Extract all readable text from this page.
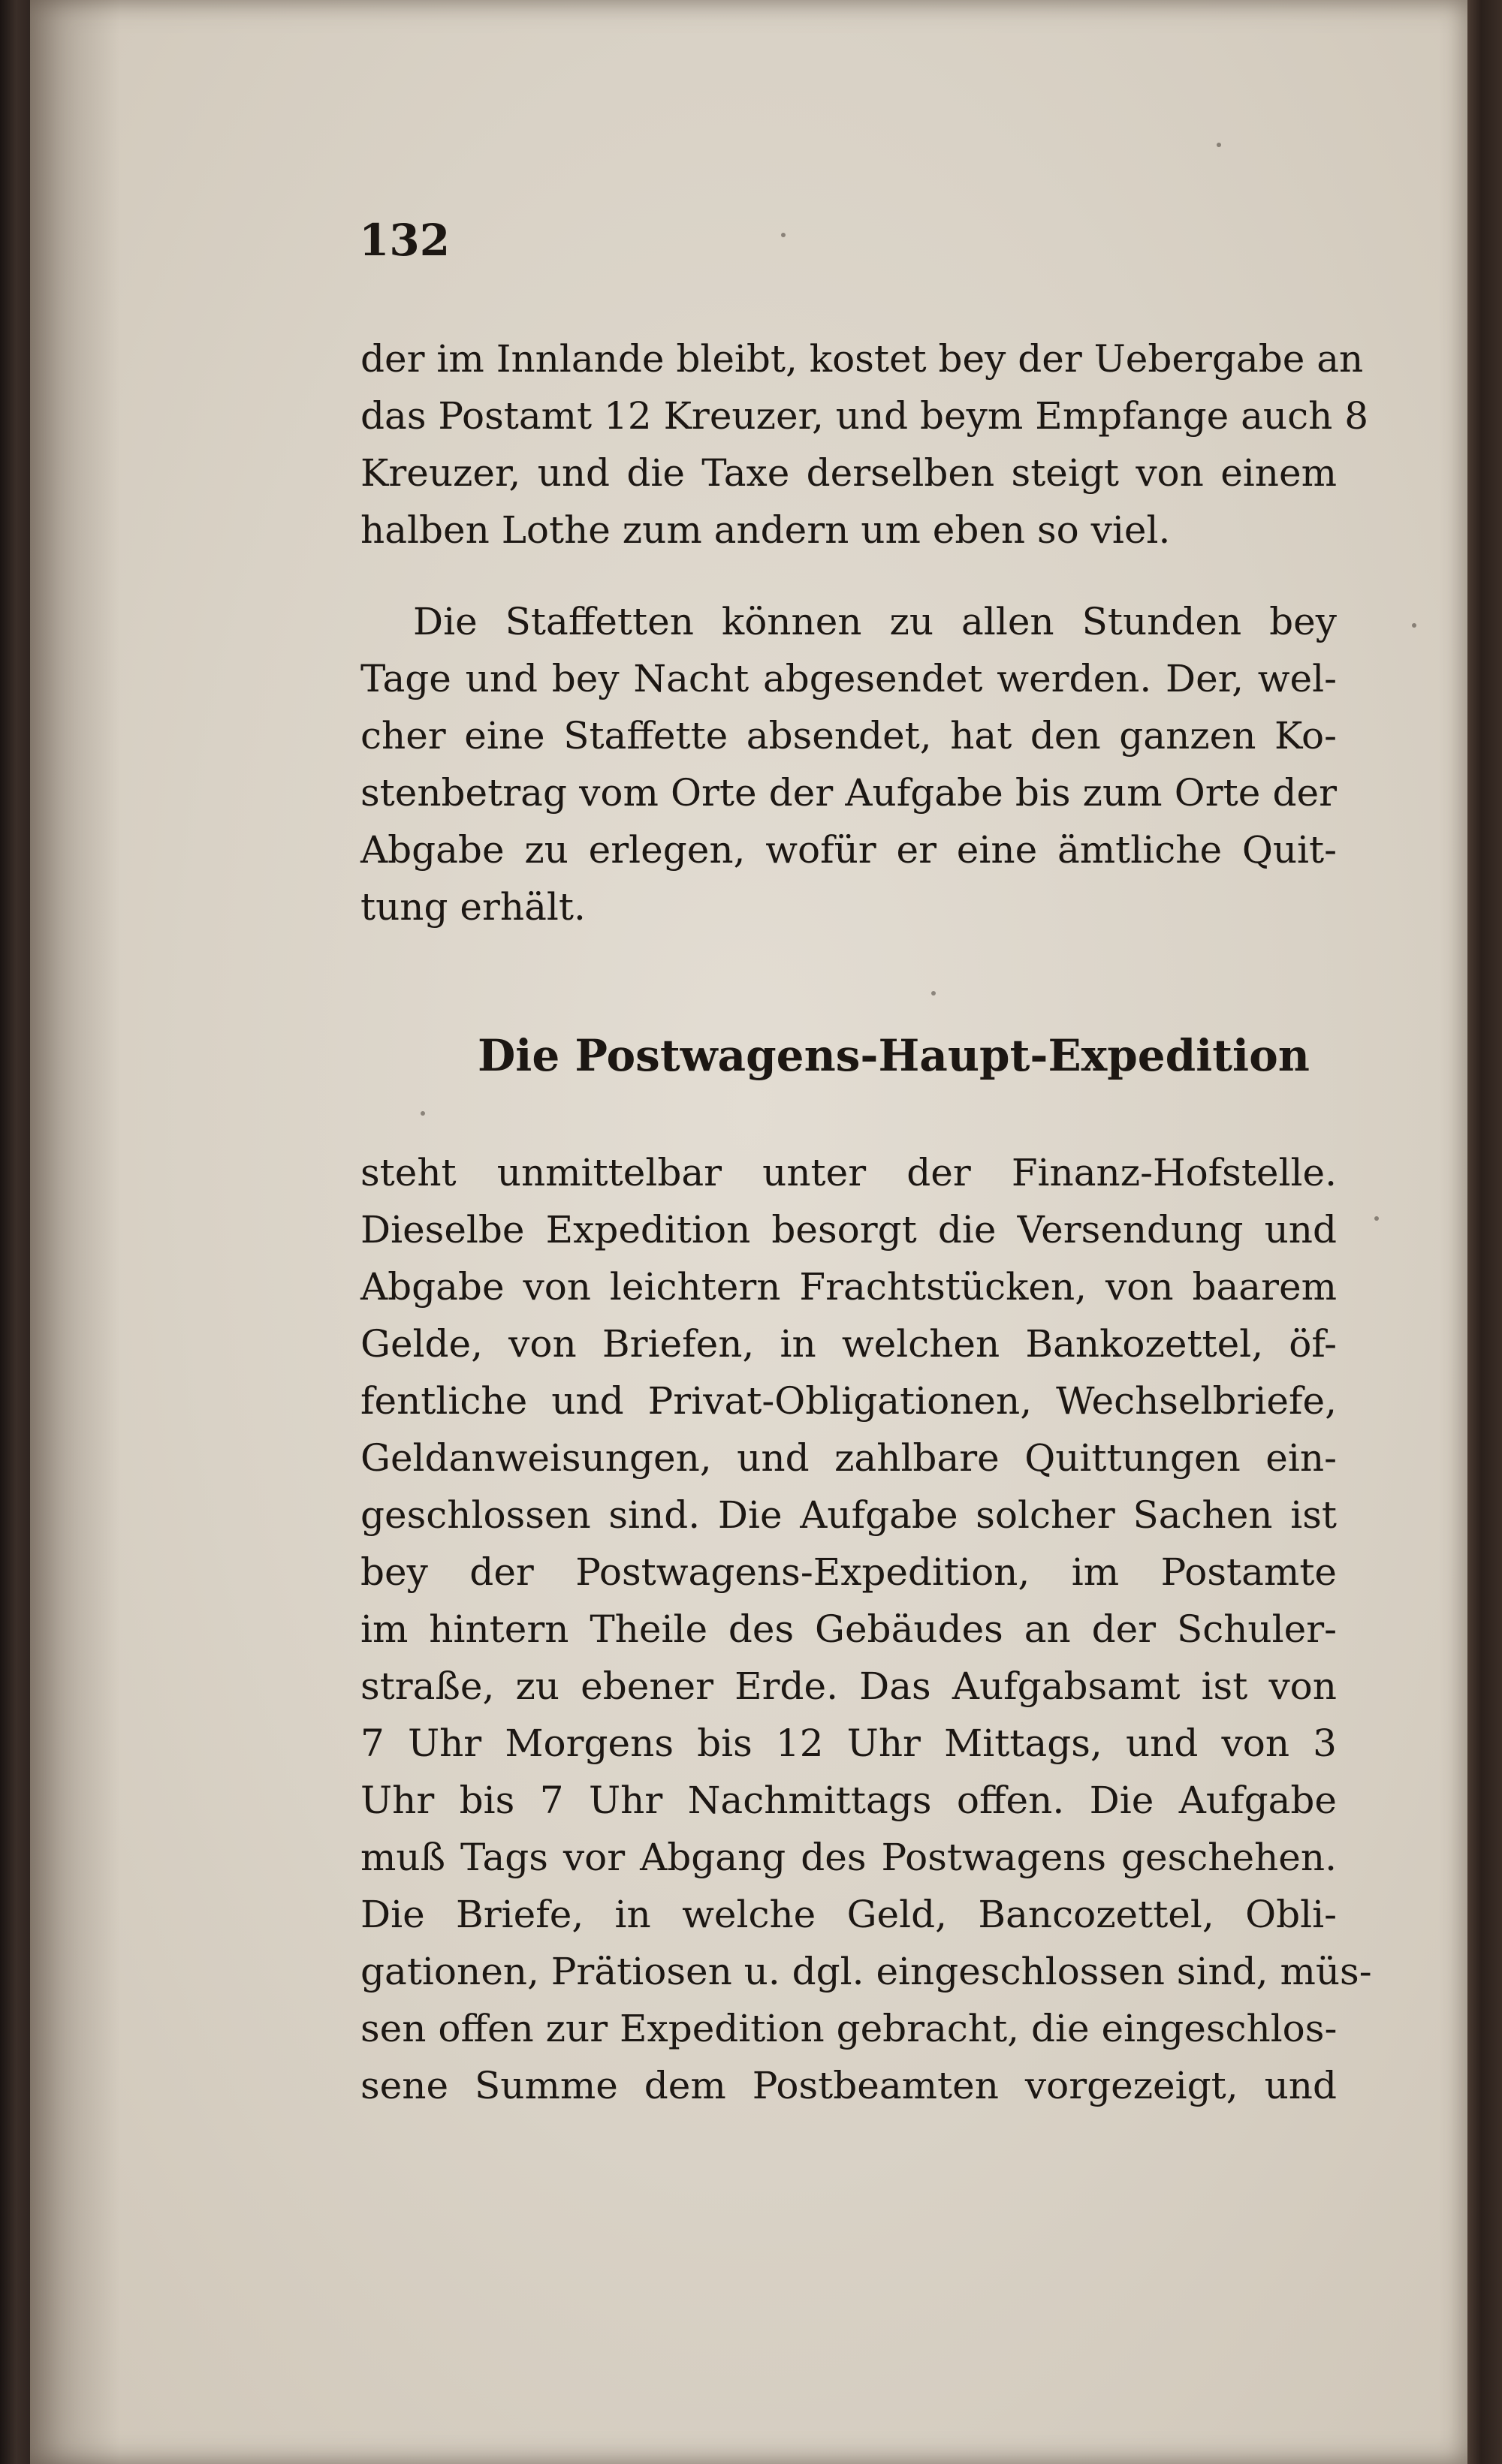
132
der im Innlande bleibt, kostet bey der Uebergabe an
das Postamt 12 Kreuzer, und beym Empfange auch 8
Kreuzer, und die Taxe derselben steigt von einem
halben Lothe zum andern um eben so viel.
Die Staffetten können zu allen Stunden bey
Tage und bey Nacht abgesendet werden. Der, wel-
cher eine Staffette absendet, hat den ganzen Ko-
stenbetrag vom Orte der Aufgabe bis zum Orte der
Abgabe zu erlegen, wofür er eine ämtliche Quit-
tung erhält.
Die Postwagens-Haupt-Expedition
steht unmittelbar unter der Finanz-Hofstelle.
Dieselbe Expedition besorgt die Versendung und
Abgabe von leichtern Frachtstücken, von baarem
Gelde, von Briefen, in welchen Bankozettel, öf-
fentliche und Privat-Obligationen, Wechselbriefe,
Geldanweisungen, und zahlbare Quittungen ein-
geschlossen sind. Die Aufgabe solcher Sachen ist
bey der Postwagens-Expedition, im Postamte
im hintern Theile des Gebäudes an der Schuler-
straße, zu ebener Erde. Das Aufgabsamt ist von
7 Uhr Morgens bis 12 Uhr Mittags, und von 3
Uhr bis 7 Uhr Nachmittags offen. Die Aufgabe
muß Tags vor Abgang des Postwagens geschehen.
Die Briefe, in welche Geld, Bancozettel, Obli-
gationen, Prätiosen u. dgl. eingeschlossen sind, müs-
sen offen zur Expedition gebracht, die eingeschlos-
sene Summe dem Postbeamten vorgezeigt, und
